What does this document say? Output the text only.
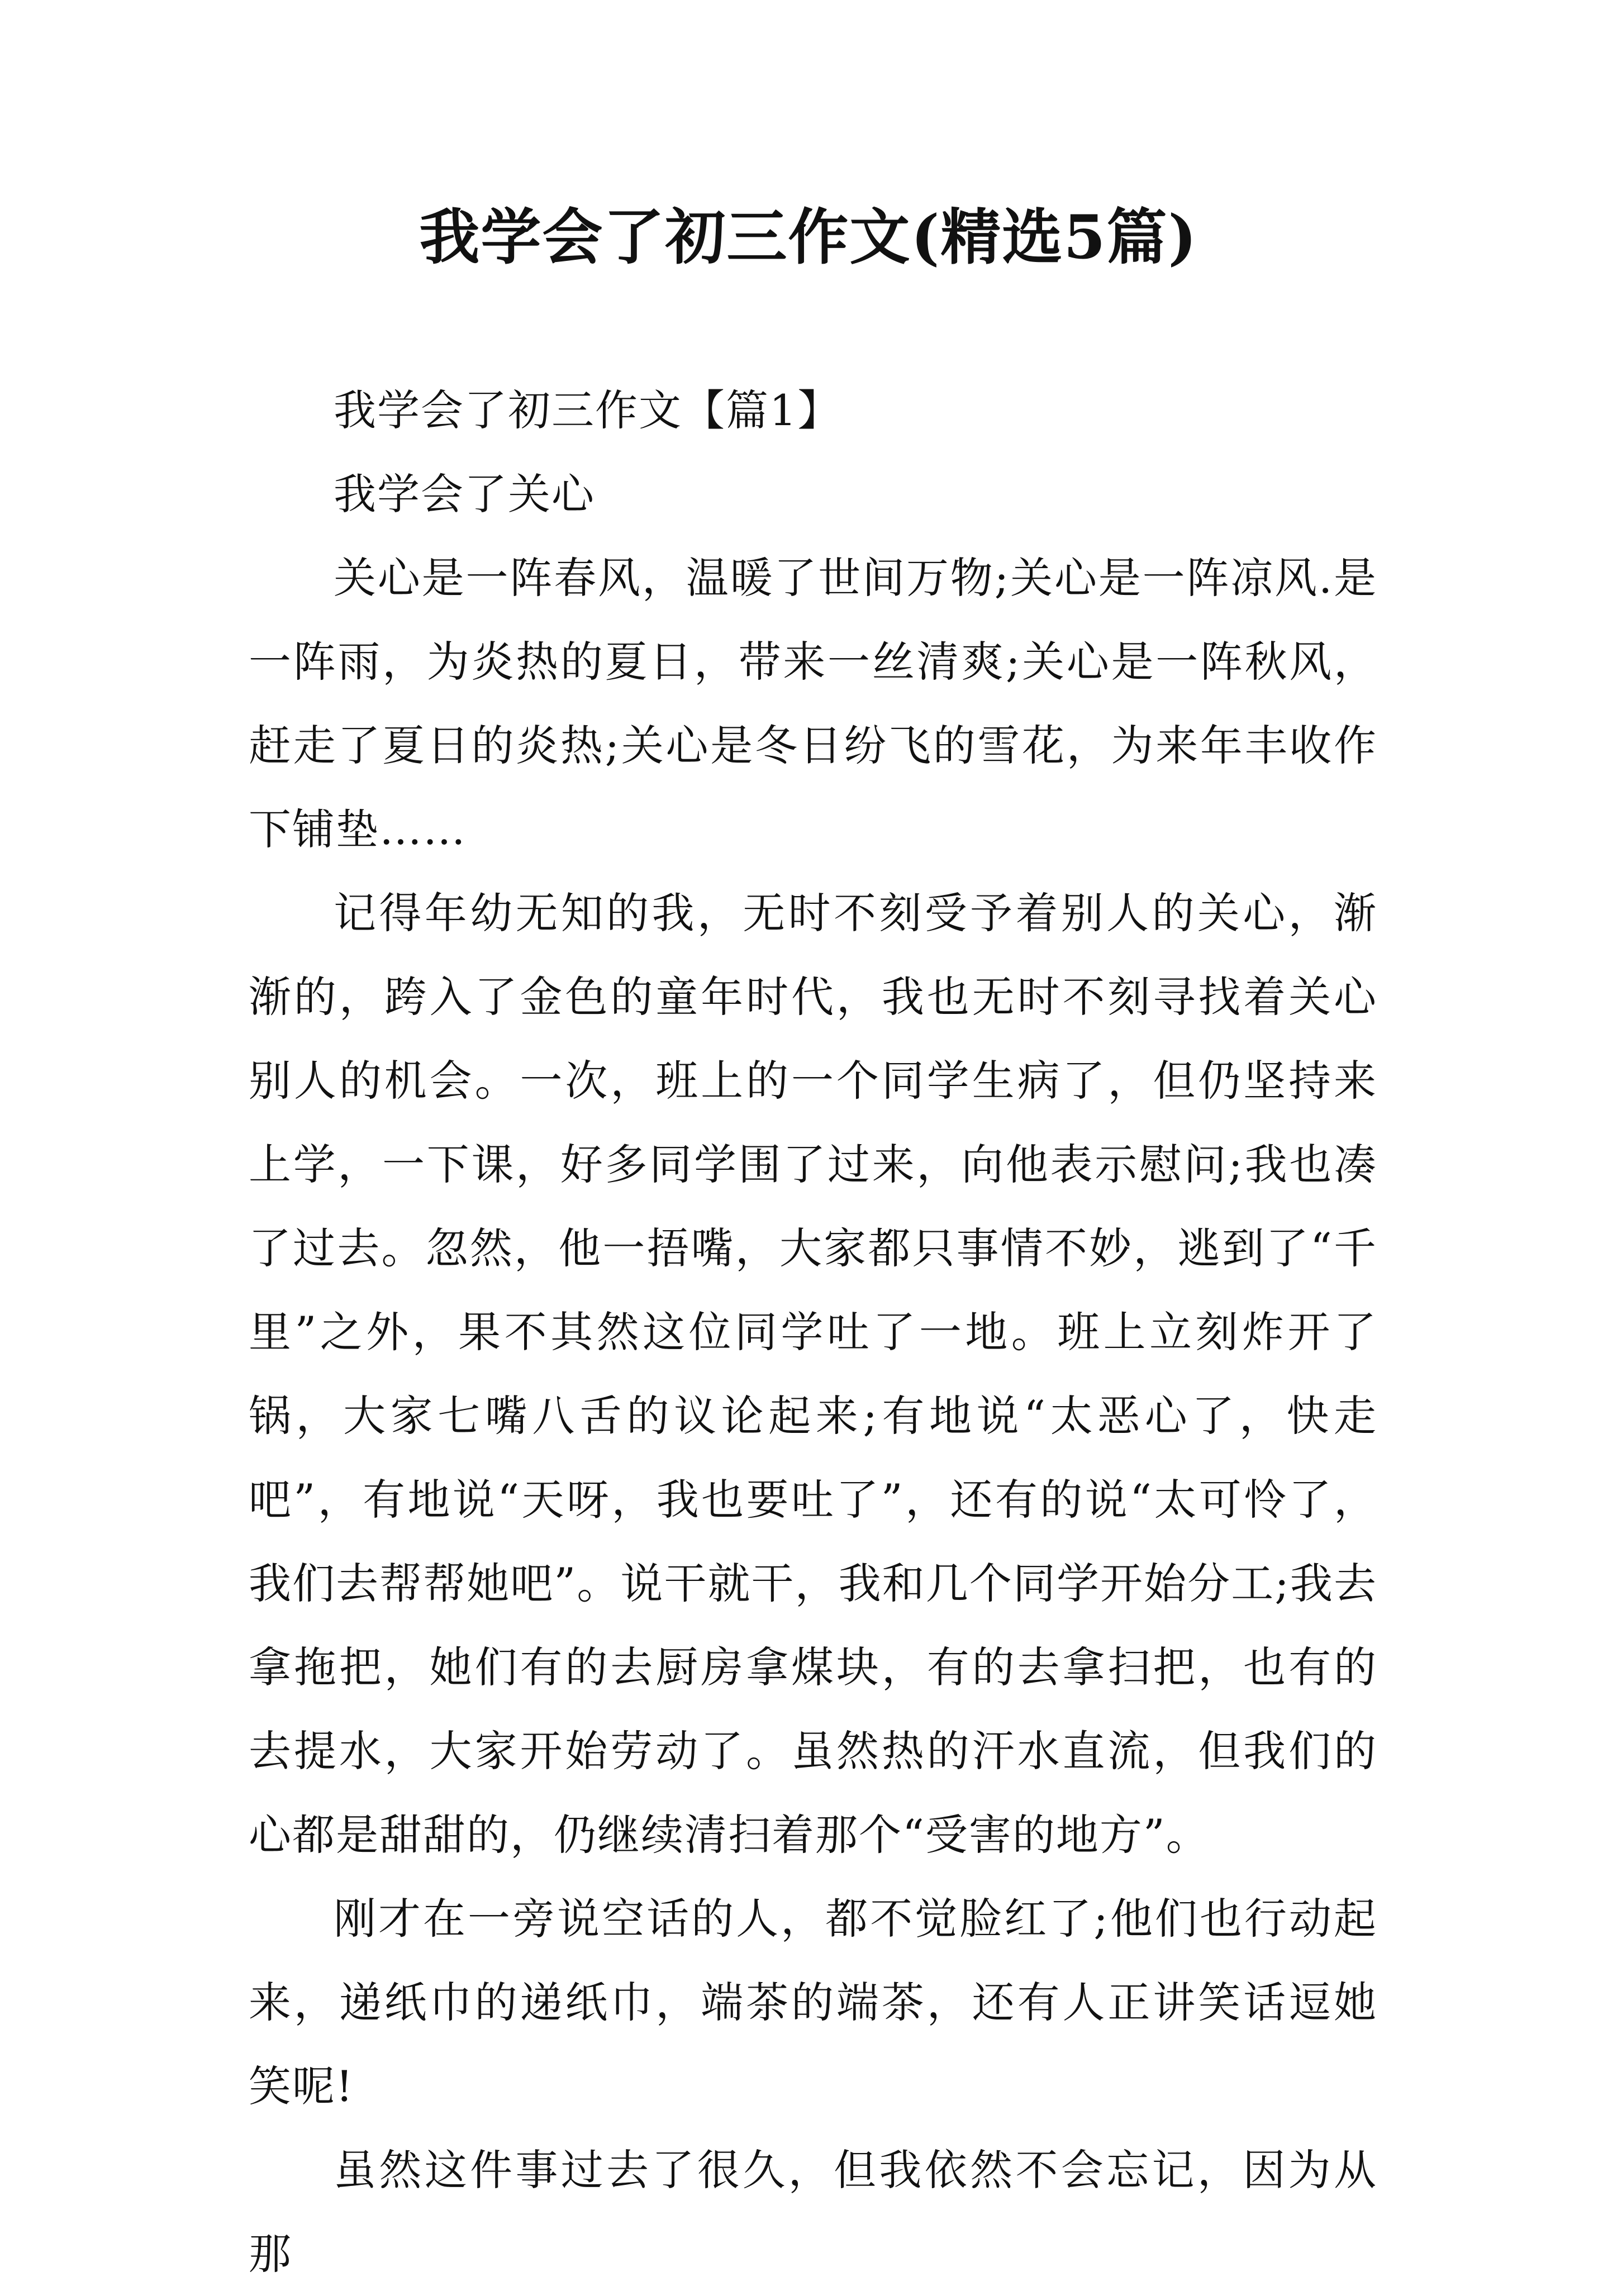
我学会了初三作文(精选5篇)

我学会了初三作文【篇1】

我学会了关心

关心是一阵春风，温暖了世间万物;关心是一阵凉风.是一阵雨，为炎热的夏日，带来一丝清爽;关心是一阵秋风，赶走了夏日的炎热;关心是冬日纷飞的雪花，为来年丰收作下铺垫……

记得年幼无知的我，无时不刻受予着别人的关心，渐渐的，跨入了金色的童年时代，我也无时不刻寻找着关心别人的机会。一次，班上的一个同学生病了，但仍坚持来上学，一下课，好多同学围了过来，向他表示慰问;我也凑了过去。忽然，他一捂嘴，大家都只事情不妙，逃到了“千里”之外，果不其然这位同学吐了一地。班上立刻炸开了锅，大家七嘴八舌的议论起来;有地说“太恶心了，快走吧”，有地说“天呀，我也要吐了”，还有的说“太可怜了，我们去帮帮她吧”。说干就干，我和几个同学开始分工;我去拿拖把，她们有的去厨房拿煤块，有的去拿扫把，也有的去提水，大家开始劳动了。虽然热的汗水直流，但我们的心都是甜甜的，仍继续清扫着那个“受害的地方”。

刚才在一旁说空话的人，都不觉脸红了;他们也行动起来，递纸巾的递纸巾，端茶的端茶，还有人正讲笑话逗她笑呢!

虽然这件事过去了很久，但我依然不会忘记，因为从那
